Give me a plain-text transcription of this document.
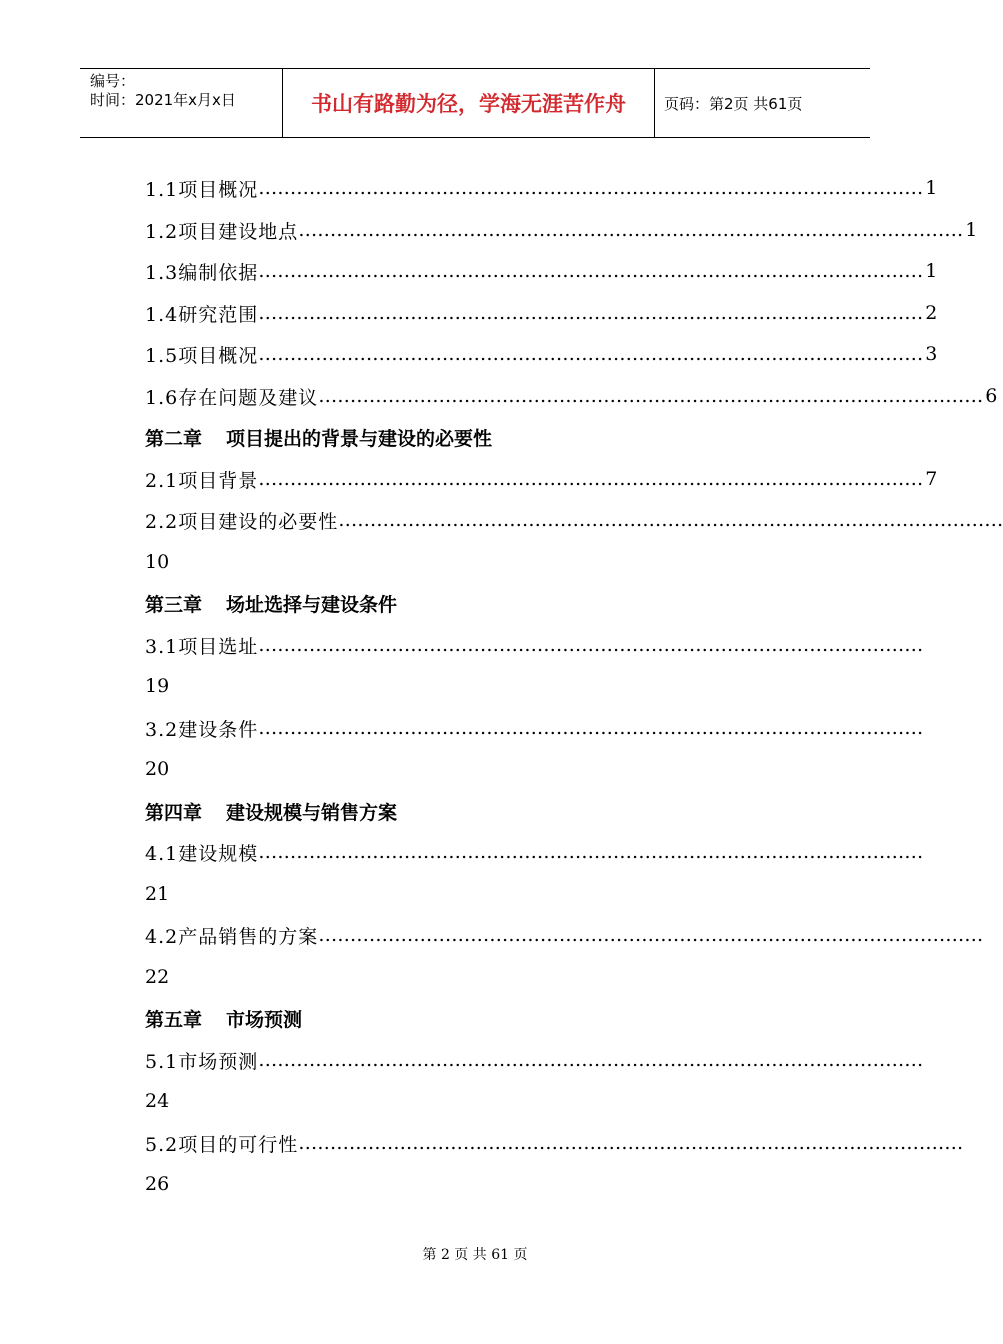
编号：
时间：2021年x月x日	书山有路勤为径，学海无涯苦作舟	页码：第2页 共61页
1.1项目概况 …………………………………………………………………………………………… 1
1.2项目建设地点 …………………………………………………………………………………………… 1
1.3编制依据 …………………………………………………………………………………………… 1
1.4研究范围 …………………………………………………………………………………………… 2
1.5项目概况 …………………………………………………………………………………………… 3
1.6存在问题及建议 …………………………………………………………………………………………… 6
第二章 项目提出的背景与建设的必要性
2.1项目背景 …………………………………………………………………………………………… 7
2.2项目建设的必要性 ……………………………………………………………………………………………
10
第三章 场址选择与建设条件
3.1项目选址 ……………………………………………………………………………………………
19
3.2建设条件 ……………………………………………………………………………………………
20
第四章 建设规模与销售方案
4.1建设规模 ……………………………………………………………………………………………
21
4.2产品销售的方案 ……………………………………………………………………………………………
22
第五章 市场预测
5.1市场预测 ……………………………………………………………………………………………
24
5.2项目的可行性 ……………………………………………………………………………………………
26
第 2 页 共 61 页
